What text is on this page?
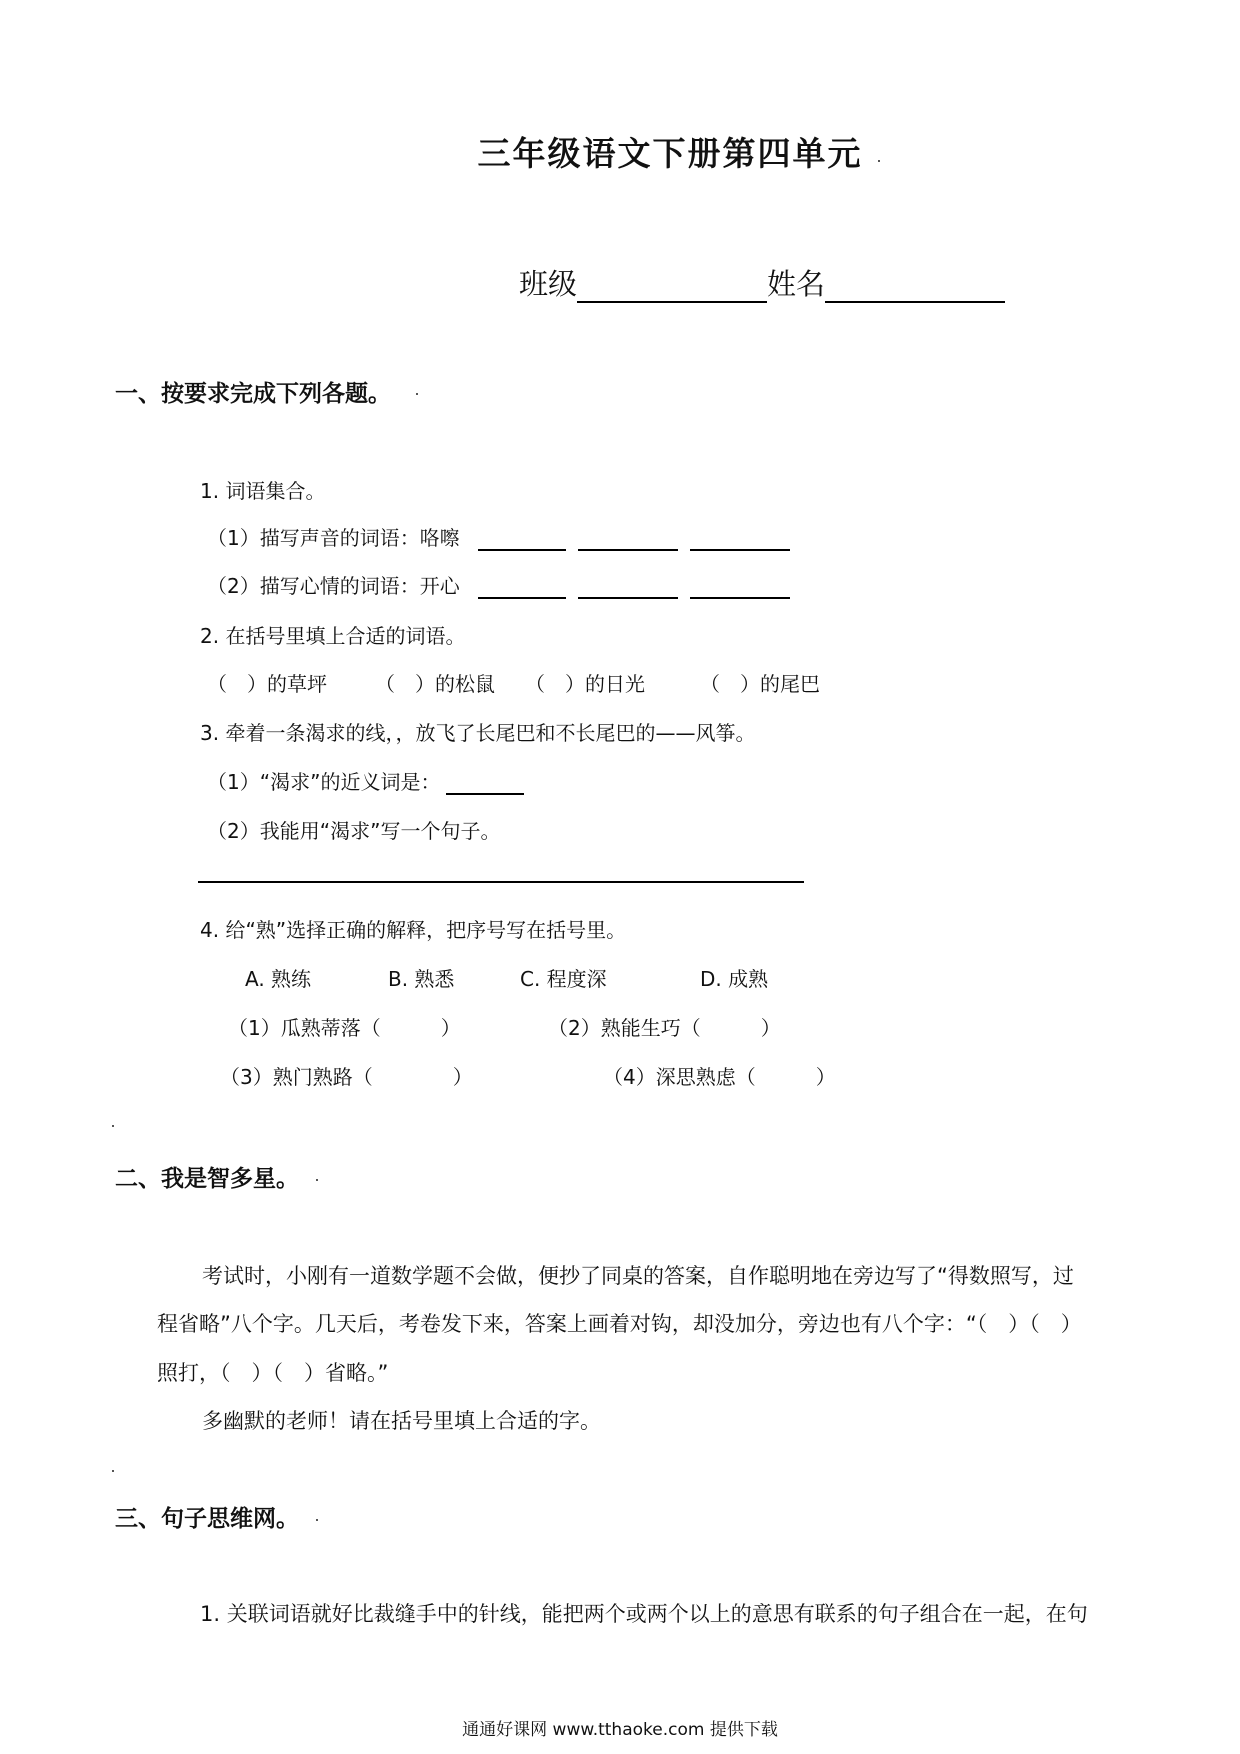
三年级语文下册第四单元
班级	姓名
一、按要求完成下列各题。
1. 词语集合。
（1）描写声音的词语：咯嚓
（2）描写心情的词语：开心
2. 在括号里填上合适的词语。
（　）的草坪 （　）的松鼠 （　）的日光	（　）的尾巴
3. 牵着一条渴求的线，，放飞了长尾巴和不长尾巴的——风筝。
（1）“渴求”的近义词是：
（2）我能用“渴求”写一个句子。
4. 给“熟”选择正确的解释，把序号写在括号里。
A. 熟练	B. 熟悉	C. 程度深	D. 成熟
（1）瓜熟蒂落（　　　）	（2）熟能生巧（　　　）
（3）熟门熟路（　　　　）	（4）深思熟虑（　　　）
二、我是智多星。
考试时，小刚有一道数学题不会做，便抄了同桌的答案，自作聪明地在旁边写了“得数照写，过
程省略”八个字。几天后，考卷发下来，答案上画着对钩，却没加分，旁边也有八个字：“（　）（　）
照打，（　）（　）省略。”
多幽默的老师！请在括号里填上合适的字。
三、句子思维网。
1. 关联词语就好比裁缝手中的针线，能把两个或两个以上的意思有联系的句子组合在一起，在句
通通好课网 www.tthaoke.com 提供下载
